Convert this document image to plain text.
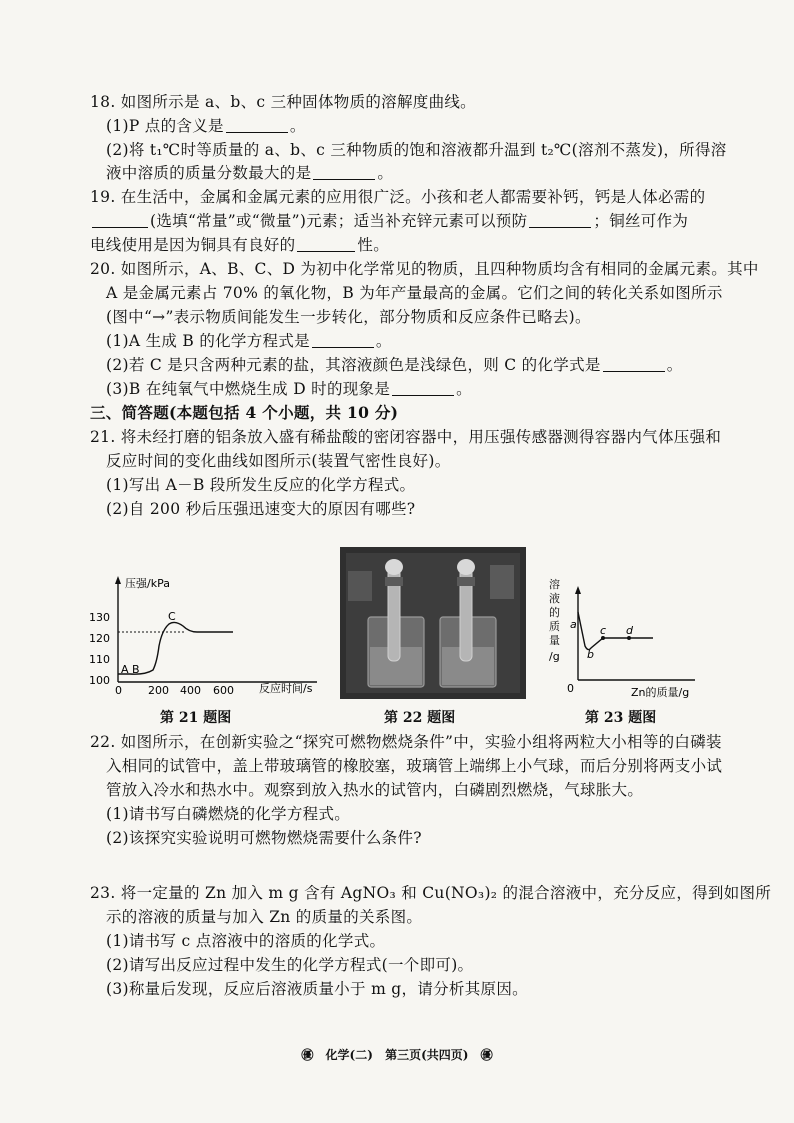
18. 如图所示是 a、b、c 三种固体物质的溶解度曲线。
(1)P 点的含义是	。
(2)将 t₁℃时等质量的 a、b、c 三种物质的饱和溶液都升温到 t₂℃(溶剂不蒸发)，所得溶
液中溶质的质量分数最大的是	。
19. 在生活中，金属和金属元素的应用很广泛。小孩和老人都需要补钙，钙是人体必需的
(选填“常量”或“微量”)元素；适当补充锌元素可以预防	；铜丝可作为
电线使用是因为铜具有良好的	性。
20. 如图所示，A、B、C、D 为初中化学常见的物质，且四种物质均含有相同的金属元素。其中
A 是金属元素占 70% 的氧化物，B 为年产量最高的金属。它们之间的转化关系如图所示
(图中“→”表示物质间能发生一步转化，部分物质和反应条件已略去)。
(1)A 生成 B 的化学方程式是	。
(2)若 C 是只含两种元素的盐，其溶液颜色是浅绿色，则 C 的化学式是	。
(3)B 在纯氧气中燃烧生成 D 时的现象是	。
三、简答题(本题包括 4 个小题，共 10 分)
21. 将未经打磨的铝条放入盛有稀盐酸的密闭容器中，用压强传感器测得容器内气体压强和
反应时间的变化曲线如图所示(装置气密性良好)。
(1)写出 A－B 段所发生反应的化学方程式。
(2)自 200 秒后压强迅速变大的原因有哪些?
压强/kPa
反应时间/s
130
120
110
100
0 200 400 600
A B
C
第 21 题图	第 22 题图
溶
液
的
质
量
/g
0	Zn的质量/g
a
b
c d
第 23 题图
22. 如图所示，在创新实验之“探究可燃物燃烧条件”中，实验小组将两粒大小相等的白磷装
入相同的试管中，盖上带玻璃管的橡胶塞，玻璃管上端绑上小气球，而后分别将两支小试
管放入冷水和热水中。观察到放入热水的试管内，白磷剧烈燃烧，气球胀大。
(1)请书写白磷燃烧的化学方程式。
(2)该探究实验说明可燃物燃烧需要什么条件?
23. 将一定量的 Zn 加入 m g 含有 AgNO₃ 和 Cu(NO₃)₂ 的混合溶液中，充分反应，得到如图所
示的溶液的质量与加入 Zn 的质量的关系图。
(1)请书写 c 点溶液中的溶质的化学式。
(2)请写出反应过程中发生的化学方程式(一个即可)。
(3)称量后发现，反应后溶液质量小于 m g，请分析其原因。
㊝ 化学(二) 第三页(共四页) ㊝
